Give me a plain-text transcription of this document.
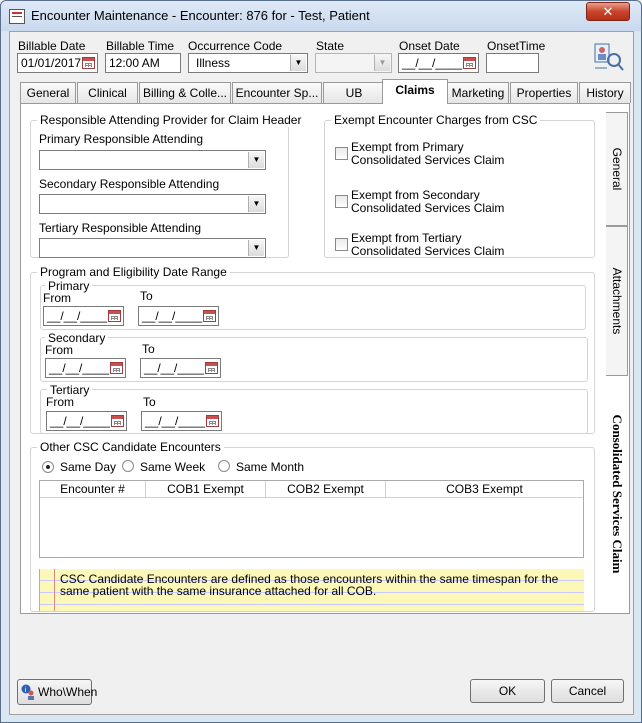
Encounter Maintenance - Encounter: 876 for - Test, Patient	✕
Billable Date
01/01/2017
Billable Time
12:00 AM
Occurrence Code
Illness	▼
State
▼
Onset Date
__/__/____
OnsetTime
General	Clinical	Billing & Colle... Encounter Sp...	UB	Claims	Marketing	Properties	History
General
Attachments
Consolidated Services Claim
Responsible Attending Provider for Claim Header
Primary Responsible Attending
▼
Secondary Responsible Attending
▼
Tertiary Responsible Attending
▼
Exempt Encounter Charges from CSC
Exempt from Primary
Consolidated Services Claim
Exempt from Secondary
Consolidated Services Claim
Exempt from Tertiary
Consolidated Services Claim
Program and Eligibility Date Range
Primary
From
__/__/____
To
__/__/____
Secondary
From
__/__/____
To
__/__/____
Tertiary
From
__/__/____
To
__/__/____
Other CSC Candidate Encounters
Same Day Same Week	Same Month
Encounter #	COB1 Exempt	COB2 Exempt	COB3 Exempt
CSC Candidate Encounters are defined as those encounters within the same timespan for the same patient with the same insurance attached for all COB.
i Who\When	OK	Cancel
